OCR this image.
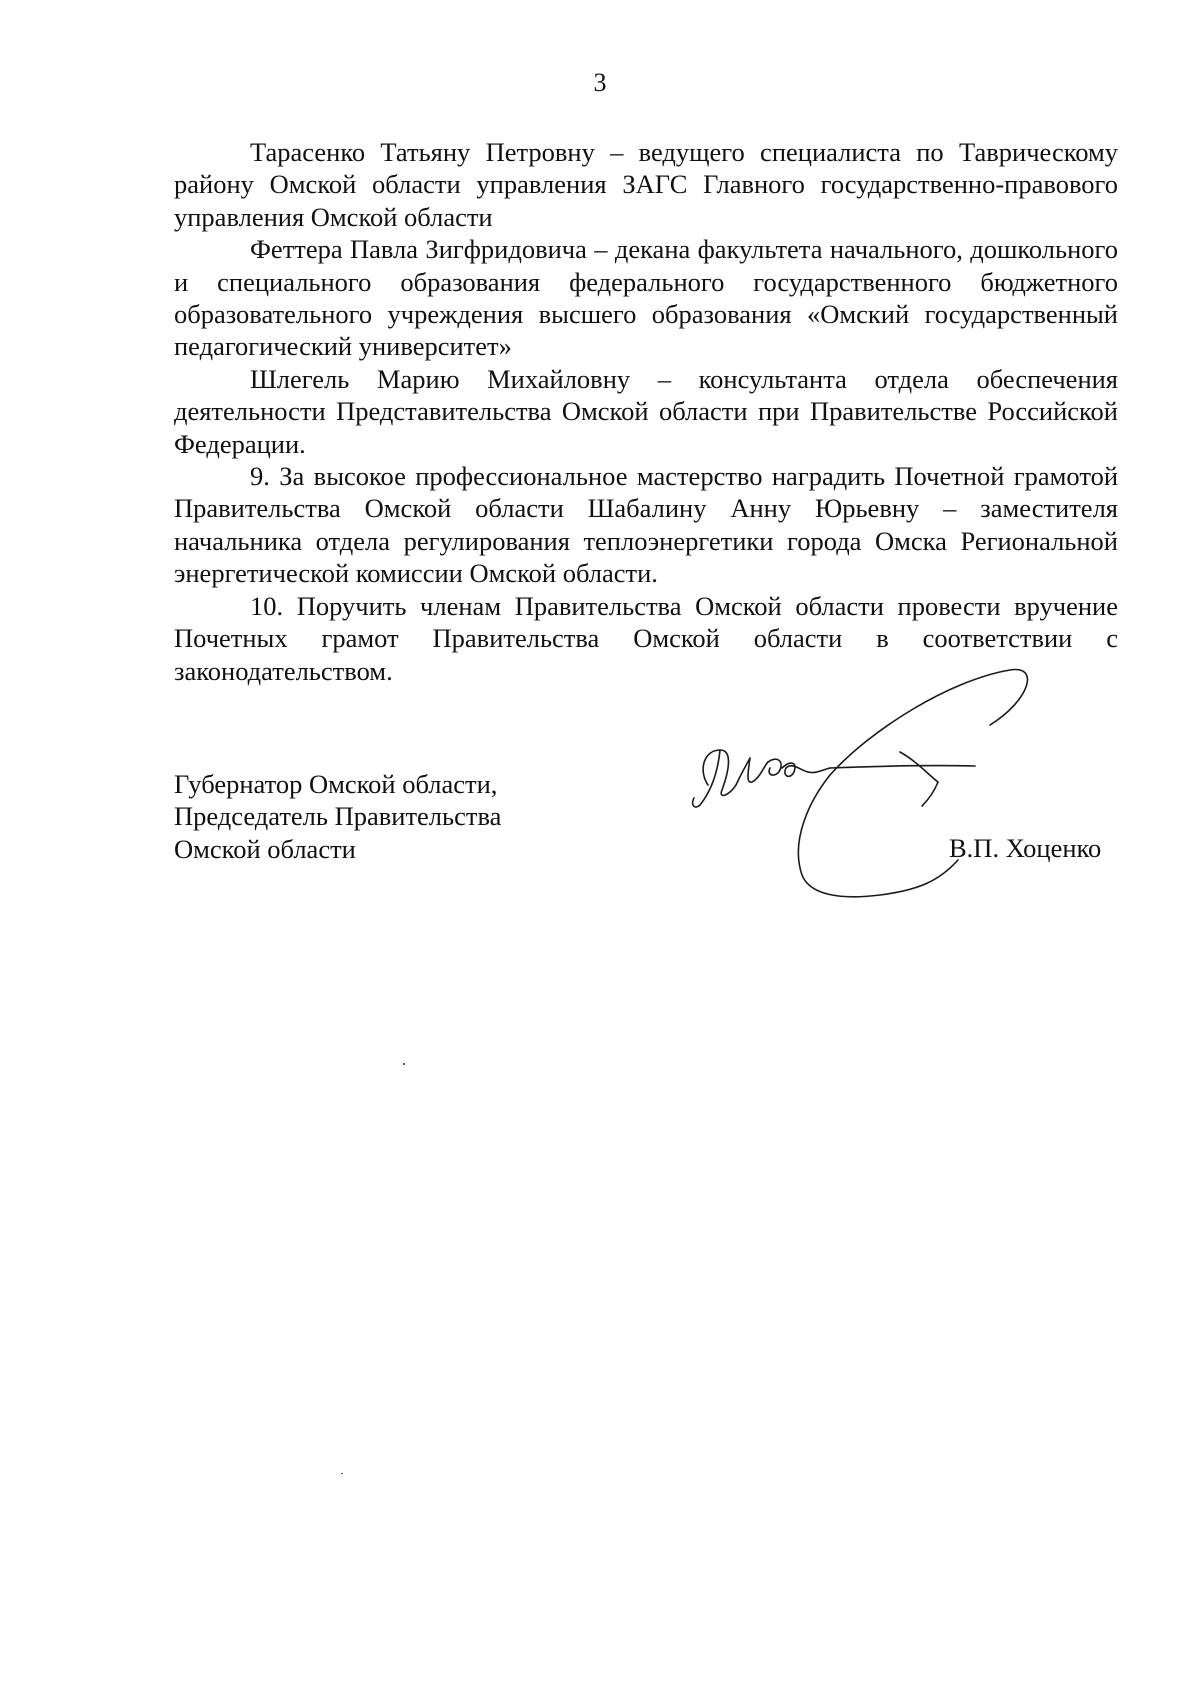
3

Тарасенко Татьяну Петровну – ведущего специалиста по Таврическому району Омской области управления ЗАГС Главного государственно-правового управления Омской области

Феттера Павла Зигфридовича – декана факультета начального, дошкольного и специального образования федерального государственного бюджетного образовательного учреждения высшего образования «Омский государственный педагогический университет»

Шлегель Марию Михайловну – консультанта отдела обеспечения деятельности Представительства Омской области при Правительстве Российской Федерации.

9. За высокое профессиональное мастерство наградить Почетной грамотой Правительства Омской области Шабалину Анну Юрьевну – заместителя начальника отдела регулирования теплоэнергетики города Омска Региональной энергетической комиссии Омской области.

10. Поручить членам Правительства Омской области провести вручение Почетных грамот Правительства Омской области в соответствии с законодательством.

Губернатор Омской области,

Председатель Правительства

Омской области	В.П. Хоценко
